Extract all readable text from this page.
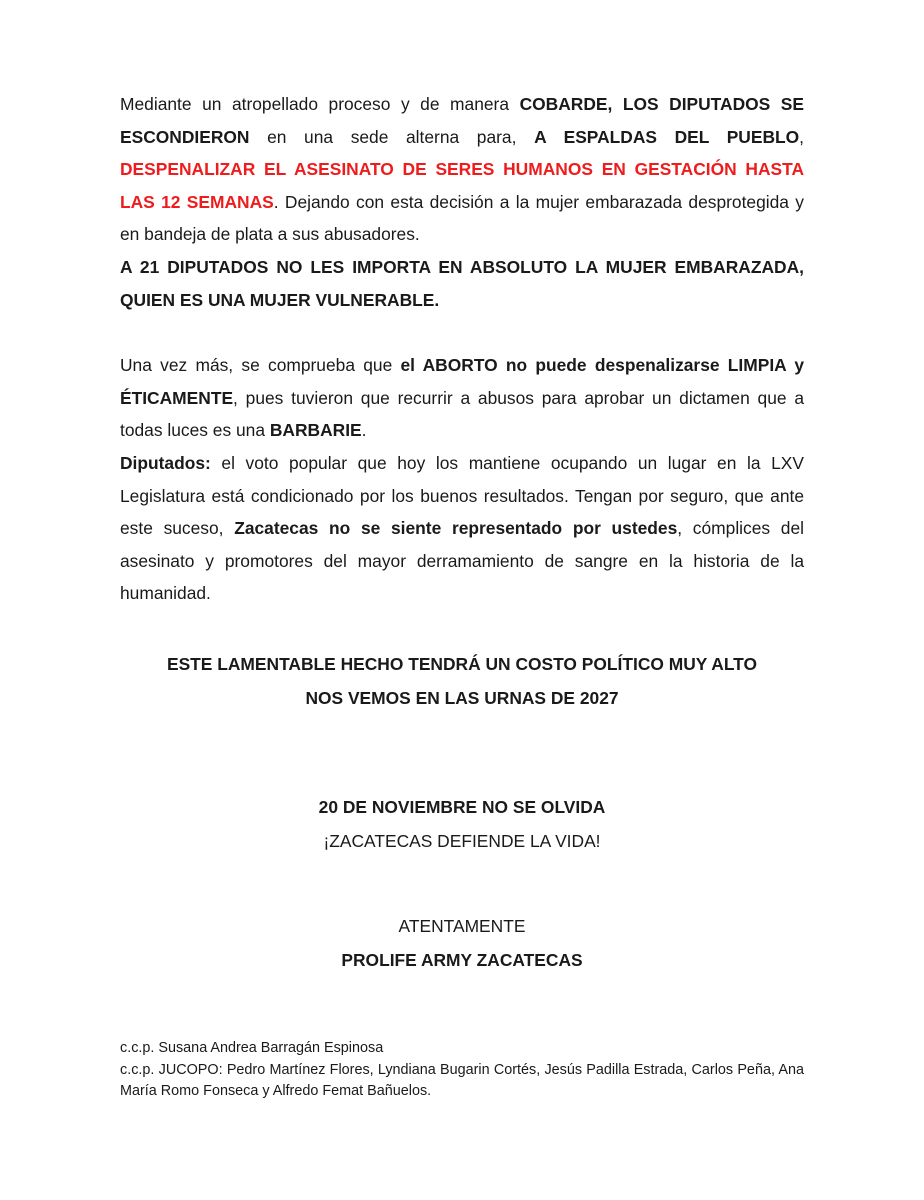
Mediante un atropellado proceso y de manera COBARDE, LOS DIPUTADOS SE ESCONDIERON en una sede alterna para, A ESPALDAS DEL PUEBLO, DESPENALIZAR EL ASESINATO DE SERES HUMANOS EN GESTACIÓN HASTA LAS 12 SEMANAS. Dejando con esta decisión a la mujer embarazada desprotegida y en bandeja de plata a sus abusadores.

A 21 DIPUTADOS NO LES IMPORTA EN ABSOLUTO LA MUJER EMBARAZADA, QUIEN ES UNA MUJER VULNERABLE.

Una vez más, se comprueba que el ABORTO no puede despenalizarse LIMPIA y ÉTICAMENTE, pues tuvieron que recurrir a abusos para aprobar un dictamen que a todas luces es una BARBARIE.

Diputados: el voto popular que hoy los mantiene ocupando un lugar en la LXV Legislatura está condicionado por los buenos resultados. Tengan por seguro, que ante este suceso, Zacatecas no se siente representado por ustedes, cómplices del asesinato y promotores del mayor derramamiento de sangre en la historia de la humanidad.

ESTE LAMENTABLE HECHO TENDRÁ UN COSTO POLÍTICO MUY ALTO

NOS VEMOS EN LAS URNAS DE 2027

20 DE NOVIEMBRE NO SE OLVIDA

¡ZACATECAS DEFIENDE LA VIDA!

ATENTAMENTE

PROLIFE ARMY ZACATECAS

c.c.p. Susana Andrea Barragán Espinosa

c.c.p. JUCOPO: Pedro Martínez Flores, Lyndiana Bugarin Cortés, Jesús Padilla Estrada, Carlos Peña, Ana María Romo Fonseca y Alfredo Femat Bañuelos.
